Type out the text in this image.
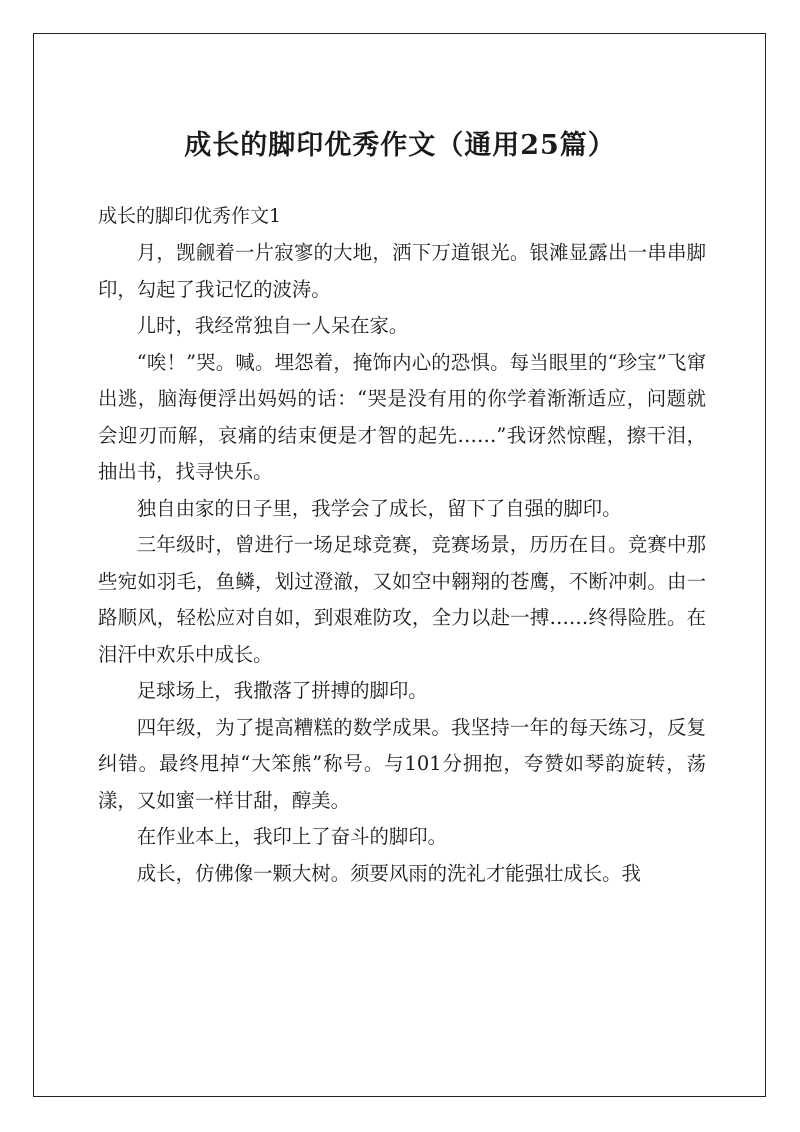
成长的脚印优秀作文（通用25篇）
成长的脚印优秀作文1

月，觊觎着一片寂寥的大地，洒下万道银光。银滩显露出一串串脚印，勾起了我记忆的波涛。

儿时，我经常独自一人呆在家。

“唉！”哭。喊。埋怨着，掩饰内心的恐惧。每当眼里的“珍宝”飞窜出逃，脑海便浮出妈妈的话：“哭是没有用的你学着渐渐适应，问题就会迎刃而解，哀痛的结束便是才智的起先……”我讶然惊醒，擦干泪，抽出书，找寻快乐。

独自由家的日子里，我学会了成长，留下了自强的脚印。

三年级时，曾进行一场足球竞赛，竞赛场景，历历在目。竞赛中那些宛如羽毛，鱼鳞，划过澄澈，又如空中翱翔的苍鹰，不断冲刺。由一路顺风，轻松应对自如，到艰难防攻，全力以赴一搏……终得险胜。在泪汗中欢乐中成长。

足球场上，我撒落了拼搏的脚印。

四年级，为了提高糟糕的数学成果。我坚持一年的每天练习，反复纠错。最终甩掉“大笨熊”称号。与101分拥抱，夸赞如琴韵旋转，荡漾，又如蜜一样甘甜，醇美。

在作业本上，我印上了奋斗的脚印。

成长，仿佛像一颗大树。须要风雨的洗礼才能强壮成长。我
